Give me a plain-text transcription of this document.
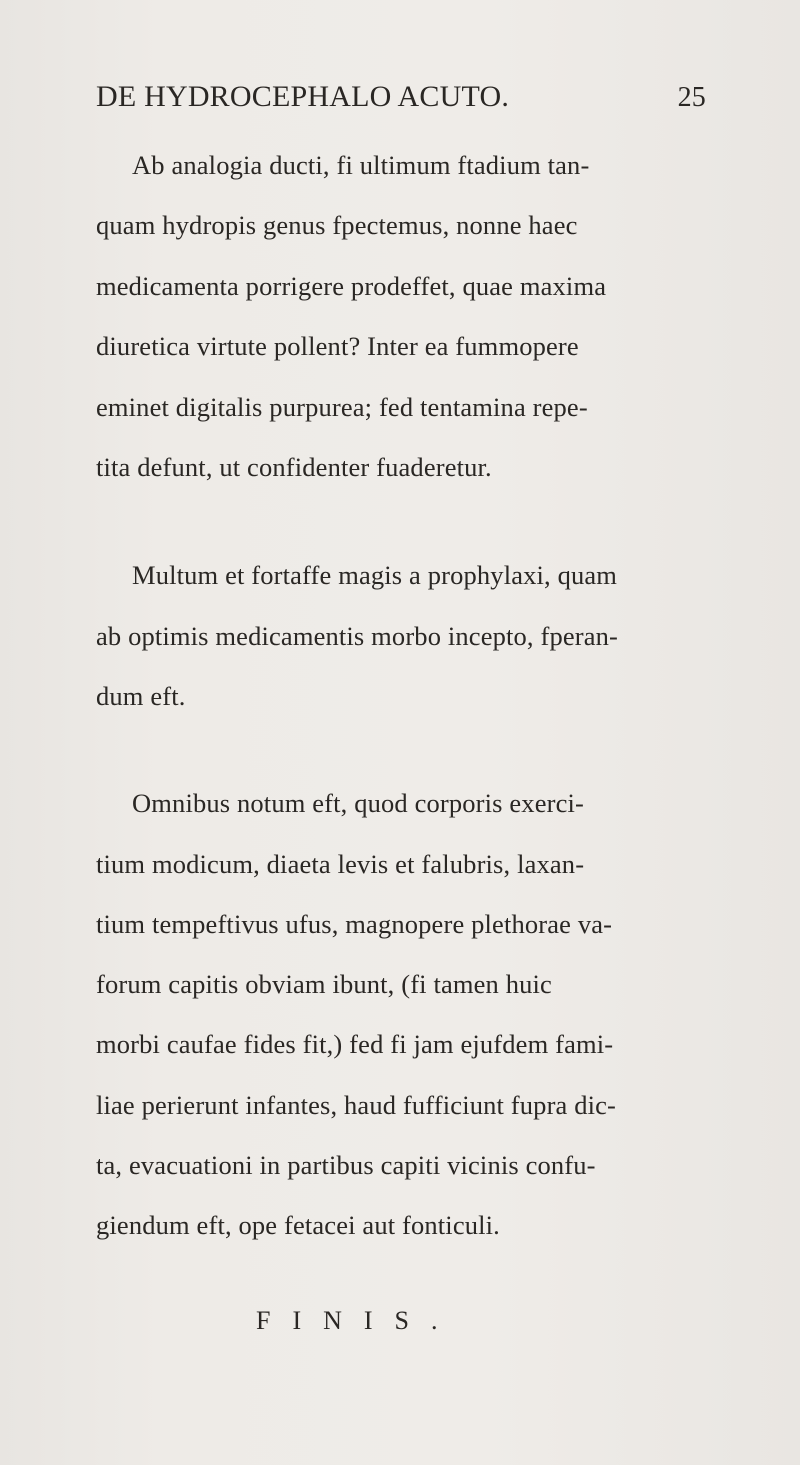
DE HYDROCEPHALO ACUTO.	25
Ab analogia ducti, fi ultimum ftadium tan-
quam hydropis genus fpectemus, nonne haec
medicamenta porrigere prodeffet, quae maxima
diuretica virtute pollent? Inter ea fummopere
eminet digitalis purpurea; fed tentamina repe-
tita defunt, ut confidenter fuaderetur.
Multum et fortaffe magis a prophylaxi, quam
ab optimis medicamentis morbo incepto, fperan-
dum eft.
Omnibus notum eft, quod corporis exerci-
tium modicum, diaeta levis et falubris, laxan-
tium tempeftivus ufus, magnopere plethorae va-
forum capitis obviam ibunt, (fi tamen huic
morbi caufae fides fit,) fed fi jam ejufdem fami-
liae perierunt infantes, haud fufficiunt fupra dic-
ta, evacuationi in partibus capiti vicinis confu-
giendum eft, ope fetacei aut fonticuli.
FINIS.
